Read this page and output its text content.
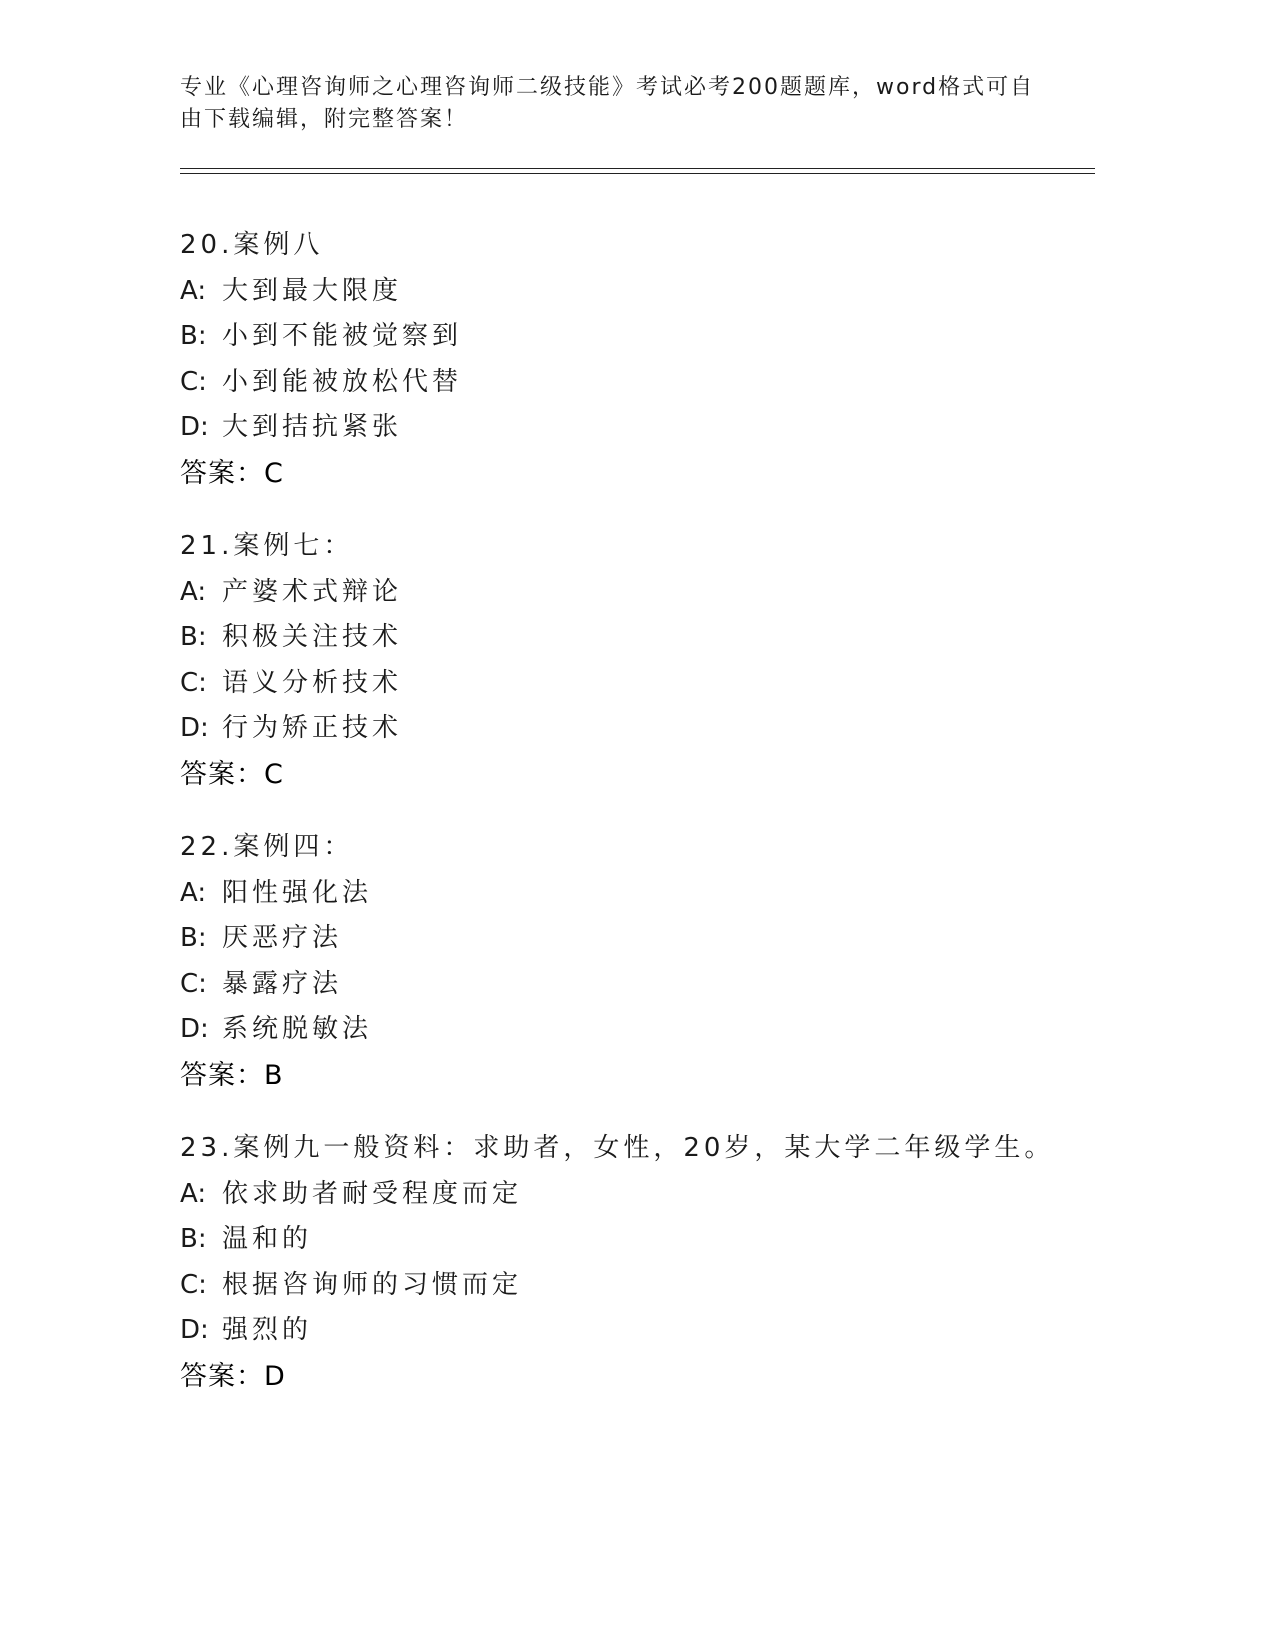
专业《心理咨询师之心理咨询师二级技能》考试必考200题题库，word格式可自
由下载编辑，附完整答案！
20.案例八
A: 大到最大限度
B: 小到不能被觉察到
C: 小到能被放松代替
D: 大到拮抗紧张
答案：C
21.案例七：
A: 产婆术式辩论
B: 积极关注技术
C: 语义分析技术
D: 行为矫正技术
答案：C
22.案例四：
A: 阳性强化法
B: 厌恶疗法
C: 暴露疗法
D: 系统脱敏法
答案：B
23.案例九一般资料：求助者，女性，20岁，某大学二年级学生。
A: 依求助者耐受程度而定
B: 温和的
C: 根据咨询师的习惯而定
D: 强烈的
答案：D
